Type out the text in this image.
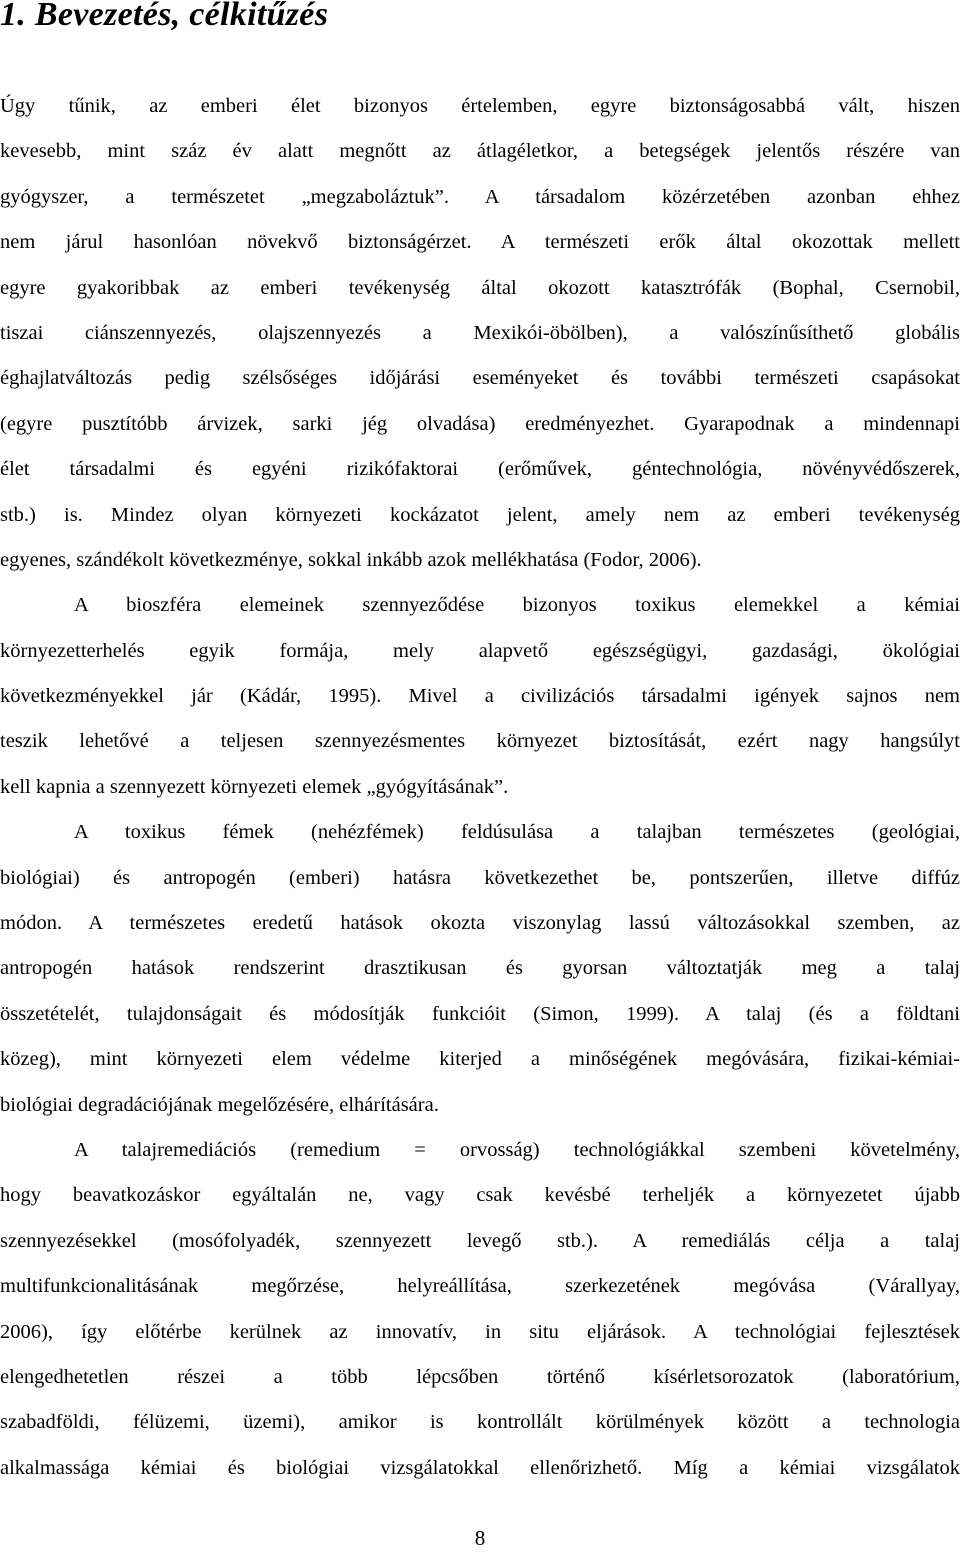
1. Bevezetés, célkitűzés
Úgy tűnik, az emberi élet bizonyos értelemben, egyre biztonságosabbá vált, hiszen
kevesebb, mint száz év alatt megnőtt az átlagéletkor, a betegségek jelentős részére van
gyógyszer, a természetet „megzaboláztuk”. A társadalom közérzetében azonban ehhez
nem járul hasonlóan növekvő biztonságérzet. A természeti erők által okozottak mellett
egyre gyakoribbak az emberi tevékenység által okozott katasztrófák (Bophal, Csernobil,
tiszai ciánszennyezés, olajszennyezés a Mexikói-öbölben), a valószínűsíthető globális
éghajlatváltozás pedig szélsőséges időjárási eseményeket és további természeti csapásokat
(egyre pusztítóbb árvizek, sarki jég olvadása) eredményezhet. Gyarapodnak a mindennapi
élet társadalmi és egyéni rizikófaktorai (erőművek, géntechnológia, növényvédőszerek,
stb.) is. Mindez olyan környezeti kockázatot jelent, amely nem az emberi tevékenység
egyenes, szándékolt következménye, sokkal inkább azok mellékhatása (Fodor, 2006).
A bioszféra elemeinek szennyeződése bizonyos toxikus elemekkel a kémiai
környezetterhelés egyik formája, mely alapvető egészségügyi, gazdasági, ökológiai
következményekkel jár (Kádár, 1995). Mivel a civilizációs társadalmi igények sajnos nem
teszik lehetővé a teljesen szennyezésmentes környezet biztosítását, ezért nagy hangsúlyt
kell kapnia a szennyezett környezeti elemek „gyógyításának”.
A toxikus fémek (nehézfémek) feldúsulása a talajban természetes (geológiai,
biológiai) és antropogén (emberi) hatásra következethet be, pontszerűen, illetve diffúz
módon. A természetes eredetű hatások okozta viszonylag lassú változásokkal szemben, az
antropogén hatások rendszerint drasztikusan és gyorsan változtatják meg a talaj
összetételét, tulajdonságait és módosítják funkcióit (Simon, 1999). A talaj (és a földtani
közeg), mint környezeti elem védelme kiterjed a minőségének megóvására, fizikai-kémiai-
biológiai degradációjának megelőzésére, elhárítására.
A talajremediációs (remedium = orvosság) technológiákkal szembeni követelmény,
hogy beavatkozáskor egyáltalán ne, vagy csak kevésbé terheljék a környezetet újabb
szennyezésekkel (mosófolyadék, szennyezett levegő stb.). A remediálás célja a talaj
multifunkcionalitásának megőrzése, helyreállítása, szerkezetének megóvása (Várallyay,
2006), így előtérbe kerülnek az innovatív, in situ eljárások. A technológiai fejlesztések
elengedhetetlen részei a több lépcsőben történő kísérletsorozatok (laboratórium,
szabadföldi, félüzemi, üzemi), amikor is kontrollált körülmények között a technologia
alkalmassága kémiai és biológiai vizsgálatokkal ellenőrizhető. Míg a kémiai vizsgálatok
8
